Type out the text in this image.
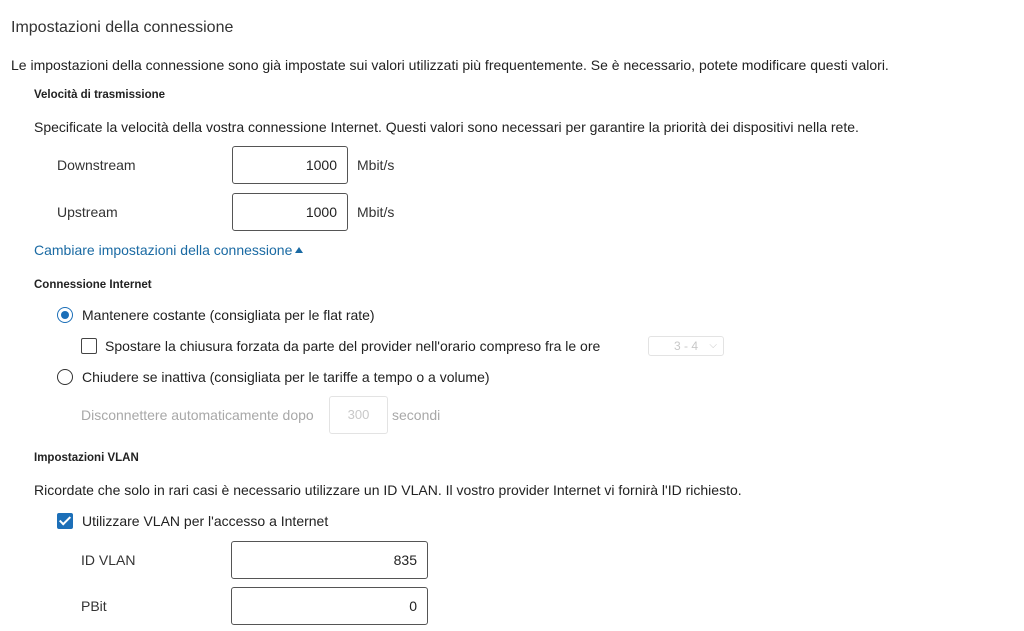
Impostazioni della connessione
Le impostazioni della connessione sono già impostate sui valori utilizzati più frequentemente. Se è necessario, potete modificare questi valori.
Velocità di trasmissione
Specificate la velocità della vostra connessione Internet. Questi valori sono necessari per garantire la priorità dei dispositivi nella rete.
Downstream	1000	Mbit/s
Upstream	1000	Mbit/s
Cambiare impostazioni della connessione
Connessione Internet
Mantenere costante (consigliata per le flat rate)
Spostare la chiusura forzata da parte del provider nell'orario compreso fra le ore	3 - 4 ⌵
Chiudere se inattiva (consigliata per le tariffe a tempo o a volume)
Disconnettere automaticamente dopo	300	secondi
Impostazioni VLAN
Ricordate che solo in rari casi è necessario utilizzare un ID VLAN. Il vostro provider Internet vi fornirà l'ID richiesto.
Utilizzare VLAN per l'accesso a Internet
ID VLAN	835
PBit	0
